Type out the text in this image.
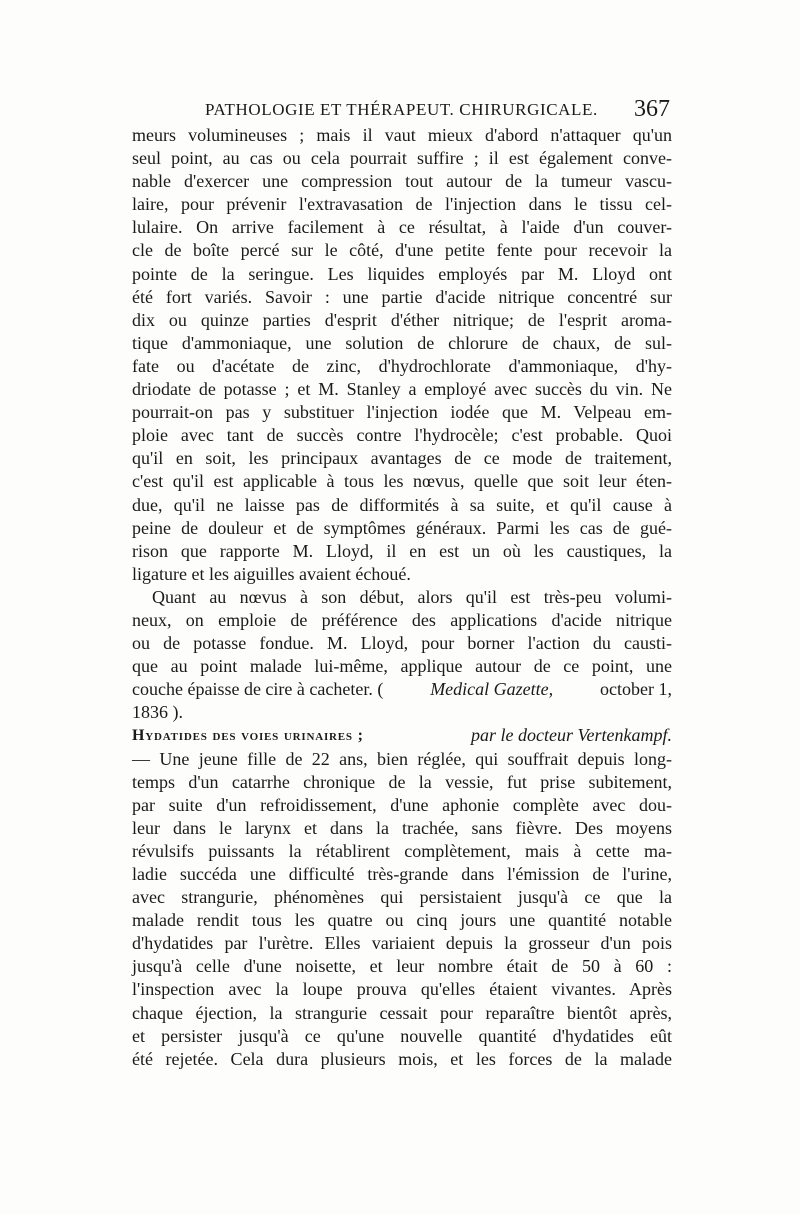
PATHOLOGIE ET THÉRAPEUT. CHIRURGICALE. 367
meurs volumineuses ; mais il vaut mieux d'abord n'attaquer qu'un
seul point, au cas ou cela pourrait suffire ; il est également conve-
nable d'exercer une compression tout autour de la tumeur vascu-
laire, pour prévenir l'extravasation de l'injection dans le tissu cel-
lulaire. On arrive facilement à ce résultat, à l'aide d'un couver-
cle de boîte percé sur le côté, d'une petite fente pour recevoir la
pointe de la seringue. Les liquides employés par M. Lloyd ont
été fort variés. Savoir : une partie d'acide nitrique concentré sur
dix ou quinze parties d'esprit d'éther nitrique; de l'esprit aroma-
tique d'ammoniaque, une solution de chlorure de chaux, de sul-
fate ou d'acétate de zinc, d'hydrochlorate d'ammoniaque, d'hy-
driodate de potasse ; et M. Stanley a employé avec succès du vin. Ne
pourrait-on pas y substituer l'injection iodée que M. Velpeau em-
ploie avec tant de succès contre l'hydrocèle; c'est probable. Quoi
qu'il en soit, les principaux avantages de ce mode de traitement,
c'est qu'il est applicable à tous les nœvus, quelle que soit leur éten-
due, qu'il ne laisse pas de difformités à sa suite, et qu'il cause à
peine de douleur et de symptômes généraux. Parmi les cas de gué-
rison que rapporte M. Lloyd, il en est un où les caustiques, la
ligature et les aiguilles avaient échoué.
Quant au nœvus à son début, alors qu'il est très-peu volumi-
neux, on emploie de préférence des applications d'acide nitrique
ou de potasse fondue. M. Lloyd, pour borner l'action du causti-
que au point malade lui-même, applique autour de ce point, une
couche épaisse de cire à cacheter. (	Medical Gazette,	october 1,
1836 ).
Hydatides des voies urinaires ;	par le docteur Vertenkampf.
— Une jeune fille de 22 ans, bien réglée, qui souffrait depuis long-
temps d'un catarrhe chronique de la vessie, fut prise subitement,
par suite d'un refroidissement, d'une aphonie complète avec dou-
leur dans le larynx et dans la trachée, sans fièvre. Des moyens
révulsifs puissants la rétablirent complètement, mais à cette ma-
ladie succéda une difficulté très-grande dans l'émission de l'urine,
avec strangurie, phénomènes qui persistaient jusqu'à ce que la
malade rendit tous les quatre ou cinq jours une quantité notable
d'hydatides par l'urètre. Elles variaient depuis la grosseur d'un pois
jusqu'à celle d'une noisette, et leur nombre était de 50 à 60 :
l'inspection avec la loupe prouva qu'elles étaient vivantes. Après
chaque éjection, la strangurie cessait pour reparaître bientôt après,
et persister jusqu'à ce qu'une nouvelle quantité d'hydatides eût
été rejetée. Cela dura plusieurs mois, et les forces de la malade
